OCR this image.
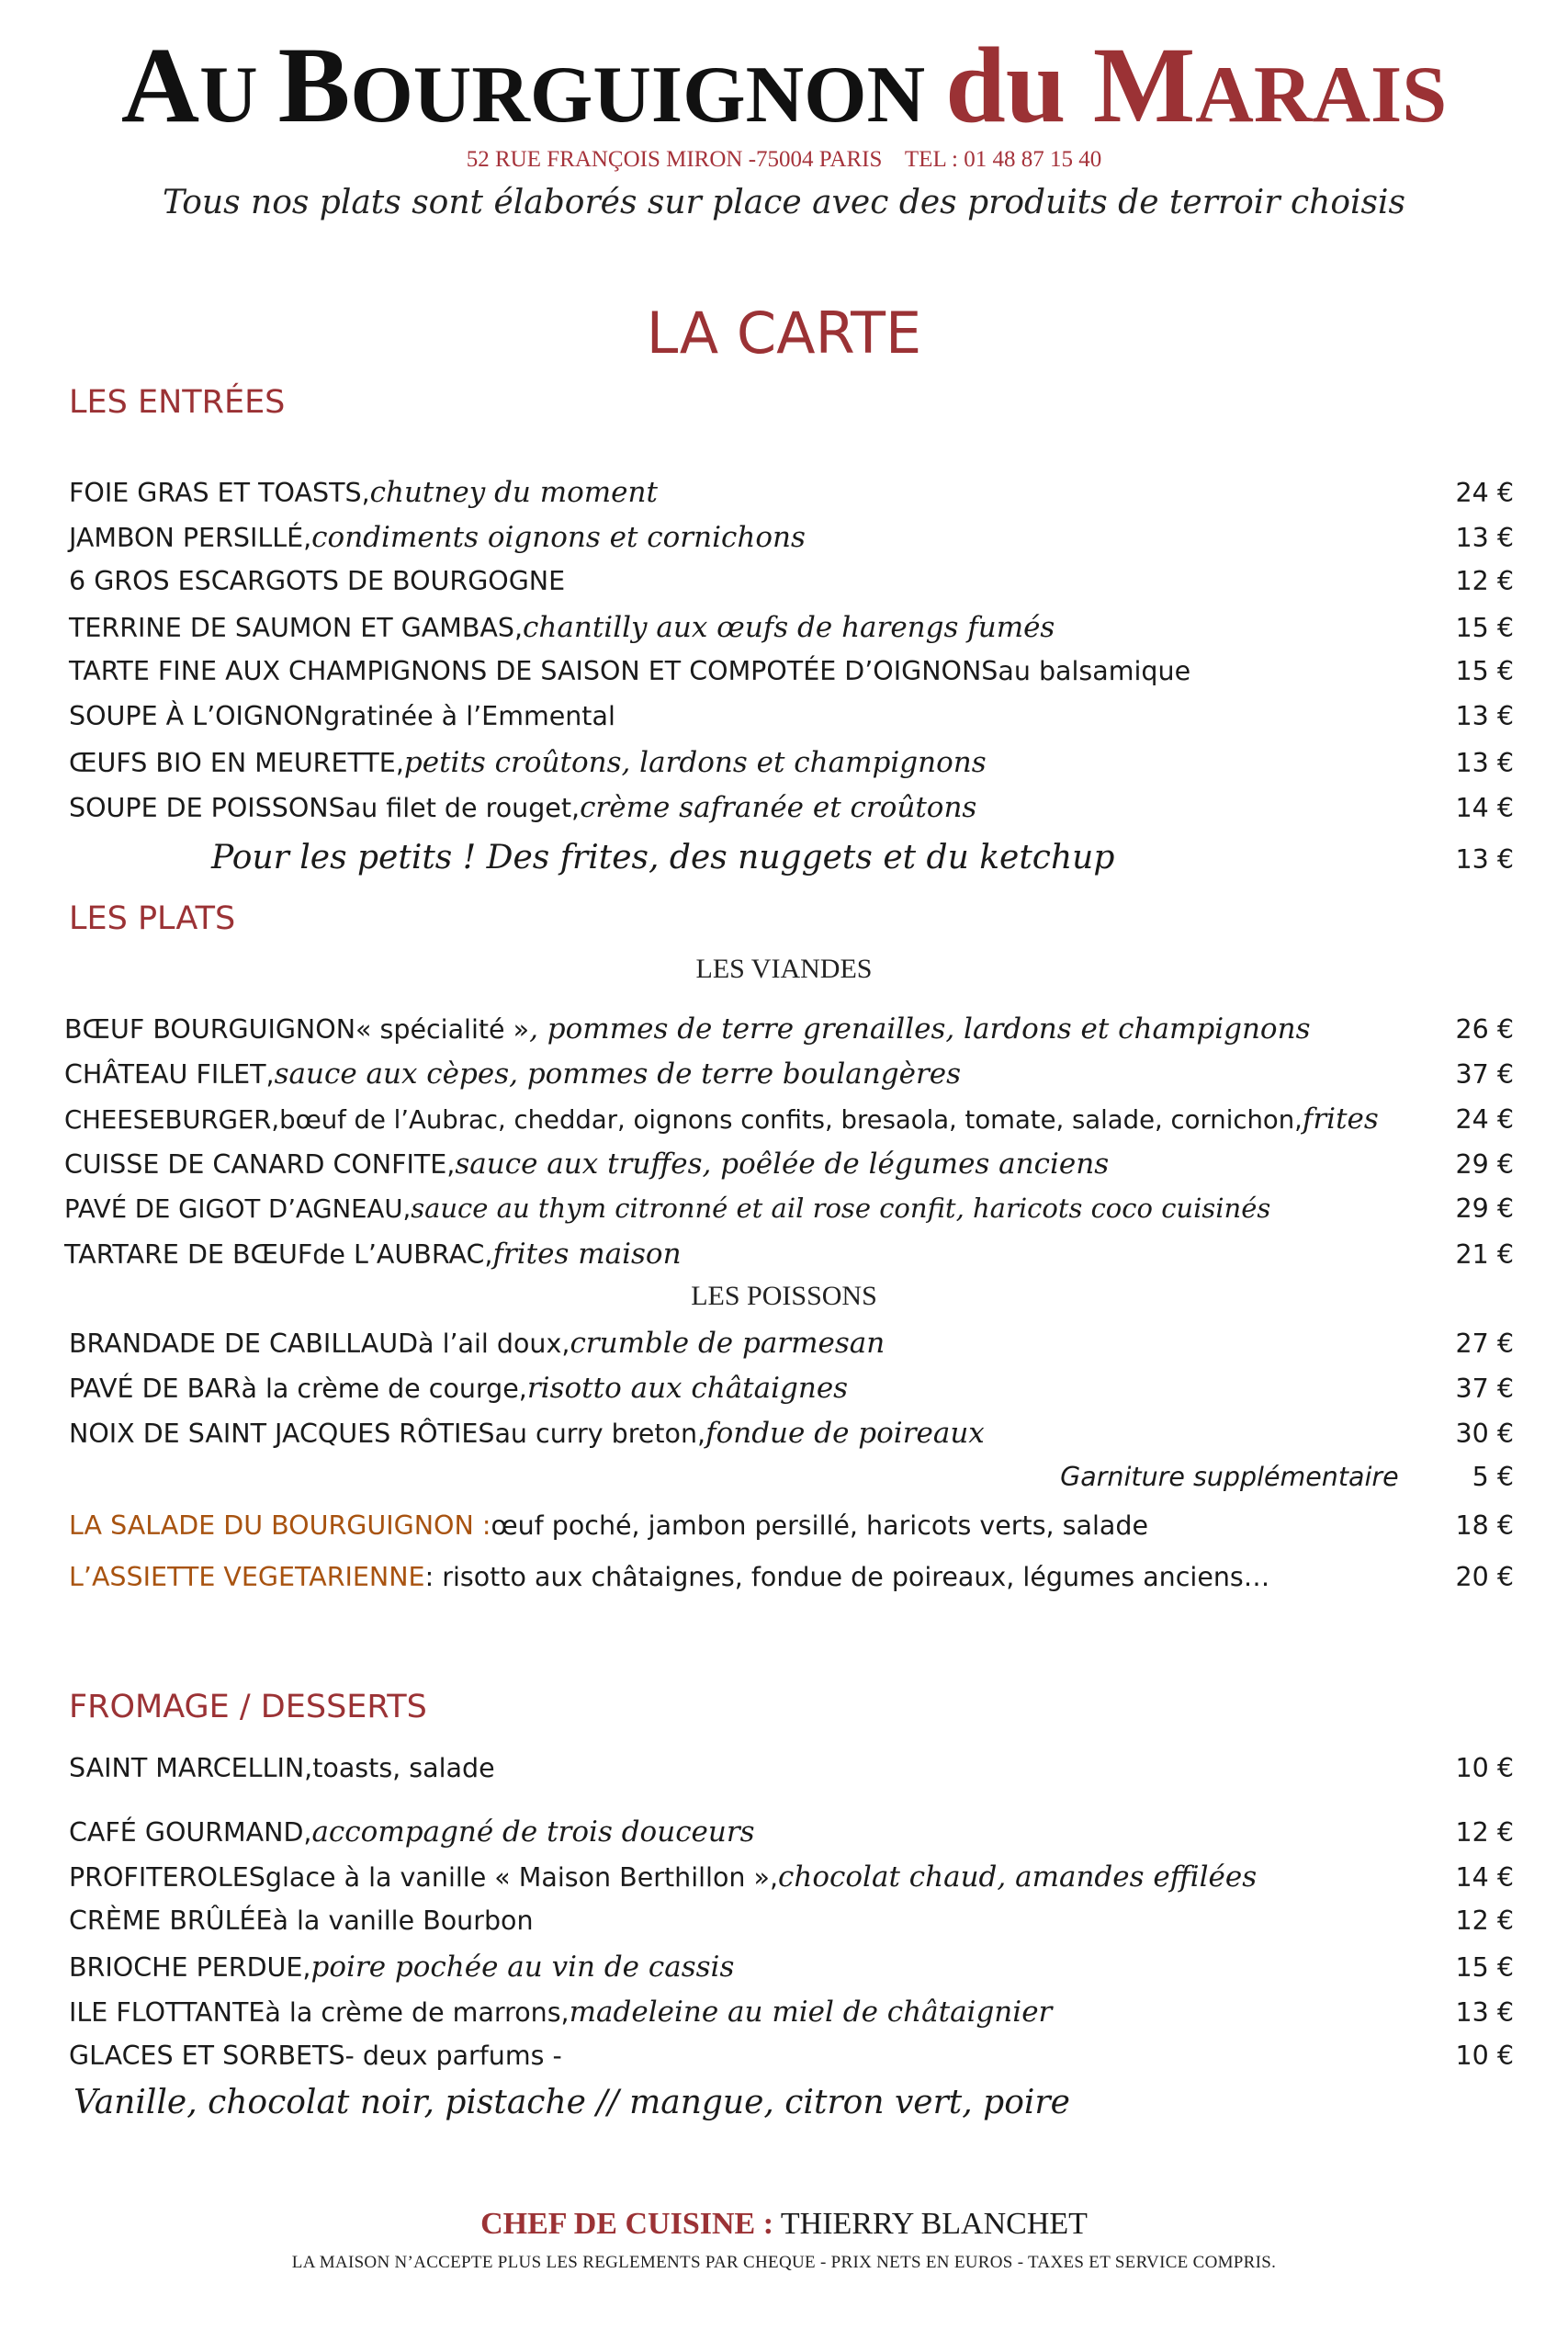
AU BOURGUIGNON du MARAIS
52 RUE FRANÇOIS MIRON -75004 PARIS    TEL : 01 48 87 15 40
Tous nos plats sont élaborés sur place avec des produits de terroir choisis
LA CARTE
LES ENTRÉES
FOIE GRAS ET TOASTS, chutney du moment	24 €
JAMBON PERSILLÉ, condiments oignons et cornichons	13 €
6 GROS ESCARGOTS DE BOURGOGNE	12 €
TERRINE DE SAUMON ET GAMBAS, chantilly aux œufs de harengs fumés	15 €
TARTE FINE AUX CHAMPIGNONS DE SAISON ET COMPOTÉE D’OIGNONS au balsamique	15 €
SOUPE À L’OIGNON gratinée à l’Emmental	13 €
ŒUFS BIO EN MEURETTE, petits croûtons, lardons et champignons	13 €
SOUPE DE POISSONS au filet de rouget, crème safranée et croûtons	14 €
Pour les petits ! Des frites, des nuggets et du ketchup	13 €
LES PLATS
LES VIANDES
BŒUF BOURGUIGNON « spécialité » , pommes de terre grenailles, lardons et champignons	26 €
CHÂTEAU FILET, sauce aux cèpes, pommes de terre boulangères	37 €
CHEESEBURGER, bœuf de l’Aubrac, cheddar, oignons confits, bresaola, tomate, salade, cornichon, frites	24 €
CUISSE DE CANARD CONFITE, sauce aux truffes, poêlée de légumes anciens	29 €
PAVÉ DE GIGOT D’AGNEAU, sauce au thym citronné et ail rose confit, haricots coco cuisinés	29 €
TARTARE DE BŒUF de L’AUBRAC, frites maison	21 €
LES POISSONS
BRANDADE DE CABILLAUD à l’ail doux, crumble de parmesan	27 €
PAVÉ DE BAR à la crème de courge, risotto aux châtaignes	37 €
NOIX DE SAINT JACQUES RÔTIES au curry breton, fondue de poireaux	30 €
Garniture supplémentaire	5 €
LA SALADE DU BOURGUIGNON : œuf poché, jambon persillé, haricots verts, salade	18 €
L’ASSIETTE VEGETARIENNE : risotto aux châtaignes, fondue de poireaux, légumes anciens…	20 €
FROMAGE / DESSERTS
SAINT MARCELLIN, toasts, salade	10 €
CAFÉ GOURMAND, accompagné de trois douceurs	12 €
PROFITEROLES glace à la vanille « Maison Berthillon », chocolat chaud, amandes effilées	14 €
CRÈME BRÛLÉE à la vanille Bourbon	12 €
BRIOCHE PERDUE, poire pochée au vin de cassis	15 €
ILE FLOTTANTE à la crème de marrons, madeleine au miel de châtaignier	13 €
GLACES ET SORBETS - deux parfums -	10 €
Vanille, chocolat noir, pistache // mangue, citron vert, poire
CHEF DE CUISINE : THIERRY BLANCHET
LA MAISON N’ACCEPTE PLUS LES REGLEMENTS PAR CHEQUE - PRIX NETS EN EUROS - TAXES ET SERVICE COMPRIS.
